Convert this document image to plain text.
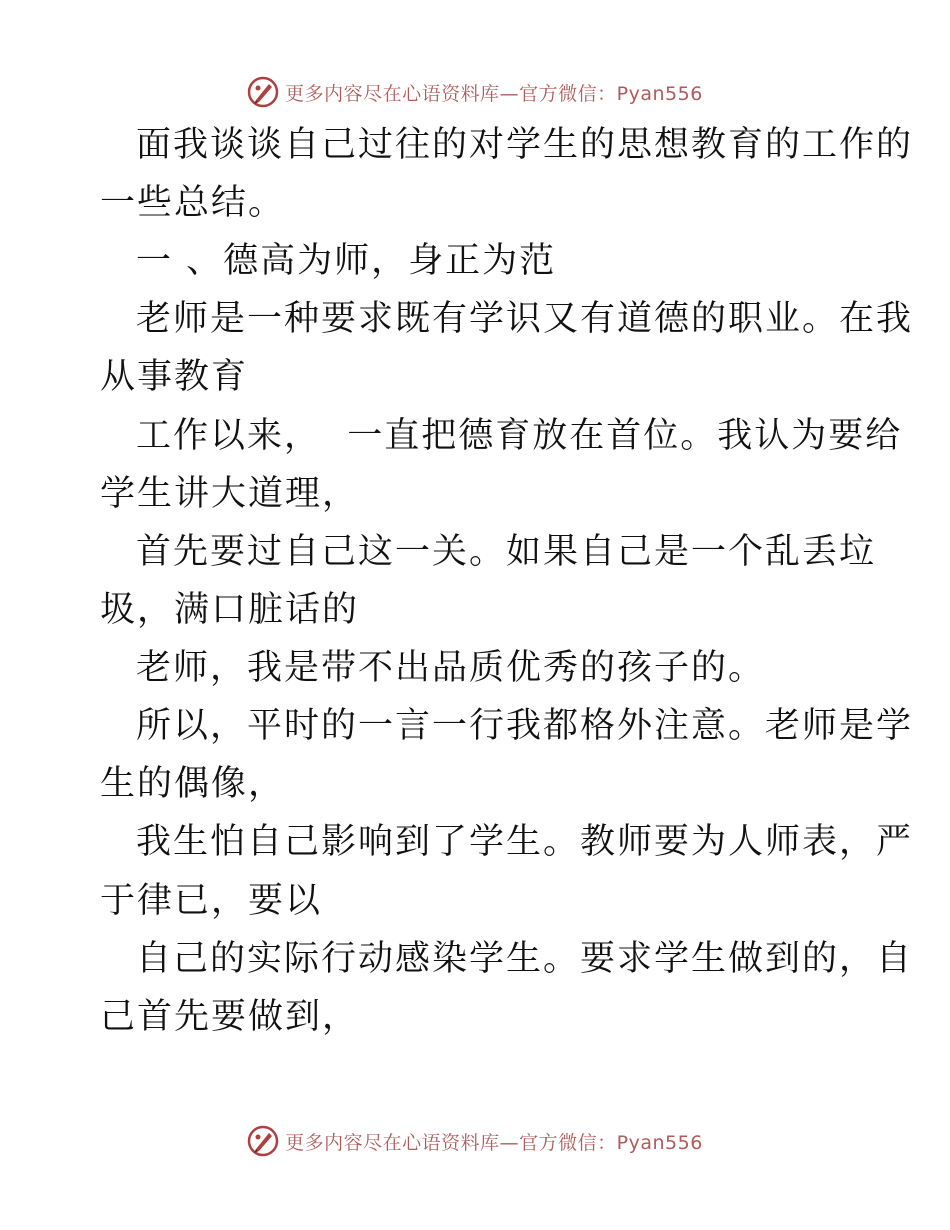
更多内容尽在心语资料库—官方微信：Pyan556
面我谈谈自己过往的对学生的思想教育的工作的
一些总结。
一 、德高为师，身正为范
老师是一种要求既有学识又有道德的职业。在我
从事教育
工作以来，  一直把德育放在首位。我认为要给
学生讲大道理，
首先要过自己这一关。如果自己是一个乱丢垃
圾，满口脏话的
老师，我是带不出品质优秀的孩子的。
所以，平时的一言一行我都格外注意。老师是学
生的偶像，
我生怕自己影响到了学生。教师要为人师表，严
于律已，要以
自己的实际行动感染学生。要求学生做到的，自
己首先要做到，
更多内容尽在心语资料库—官方微信：Pyan556
